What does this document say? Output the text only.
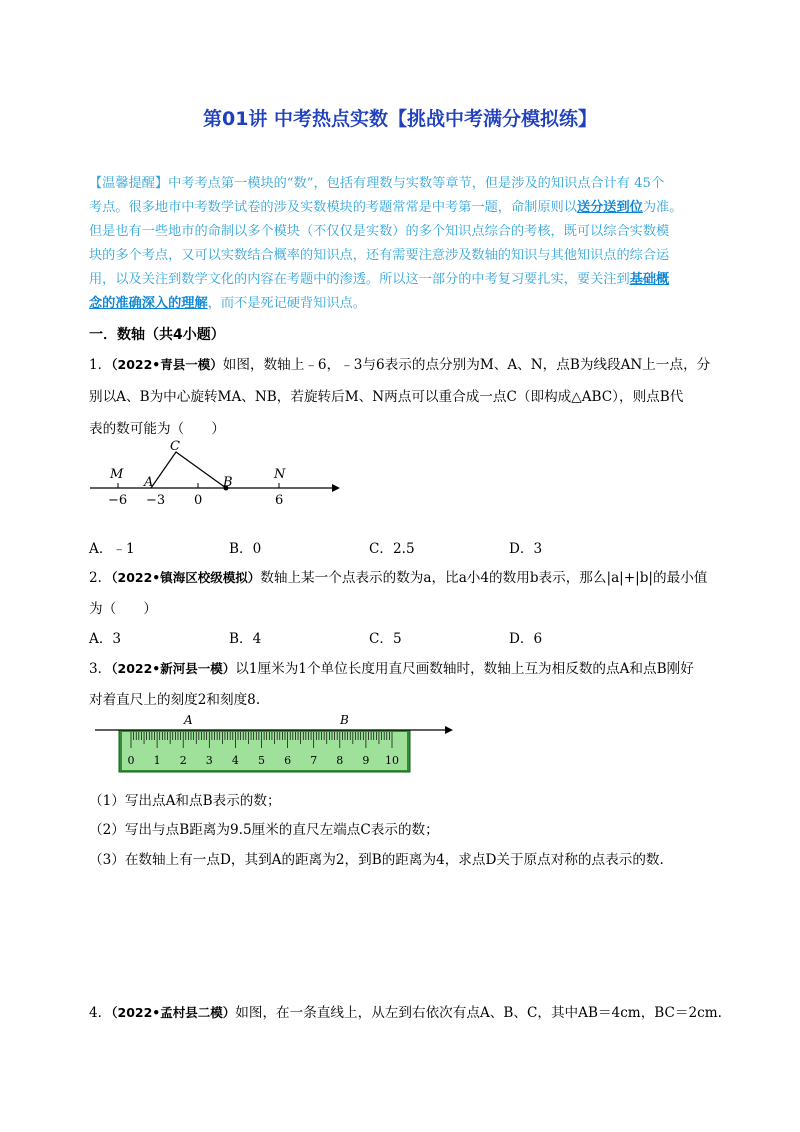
第01讲 中考热点实数【挑战中考满分模拟练】
【温馨提醒】中考考点第一模块的“数”，包括有理数与实数等章节，但是涉及的知识点合计有 45个
考点。很多地市中考数学试卷的涉及实数模块的考题常常是中考第一题，命制原则以送分送到位为准。
但是也有一些地市的命制以多个模块（不仅仅是实数）的多个知识点综合的考核，既可以综合实数模
块的多个考点，又可以实数结合概率的知识点，还有需要注意涉及数轴的知识与其他知识点的综合运
用，以及关注到数学文化的内容在考题中的渗透。所以这一部分的中考复习要扎实，要关注到基础概
念的准确深入的理解，而不是死记硬背知识点。
一．数轴（共4小题）
1．（2022•青县一模）如图，数轴上﹣6，﹣3与6表示的点分别为M、A、N，点B为线段AN上一点，分
别以A、B为中心旋转MA、NB，若旋转后M、N两点可以重合成一点C（即构成△ABC），则点B代
表的数可能为（　　）
M
A
C
B
N
−6 −3 0	6
A．﹣1	B．0	C．2.5	D．3
2．（2022•镇海区校级模拟）数轴上某一个点表示的数为a，比a小4的数用b表示，那么|a|+|b|的最小值
为（　　）
A．3	B．4	C．5	D．6
3．（2022•新河县一模）以1厘米为1个单位长度用直尺画数轴时，数轴上互为相反数的点A和点B刚好
对着直尺上的刻度2和刻度8.
0 1 2 3 4 5 6 7 8 9 10
A	B
（1）写出点A和点B表示的数；
（2）写出与点B距离为9.5厘米的直尺左端点C表示的数；
（3）在数轴上有一点D，其到A的距离为2，到B的距离为4，求点D关于原点对称的点表示的数.
4．（2022•孟村县二模）如图，在一条直线上，从左到右依次有点A、B、C，其中AB＝4cm，BC＝2cm.
